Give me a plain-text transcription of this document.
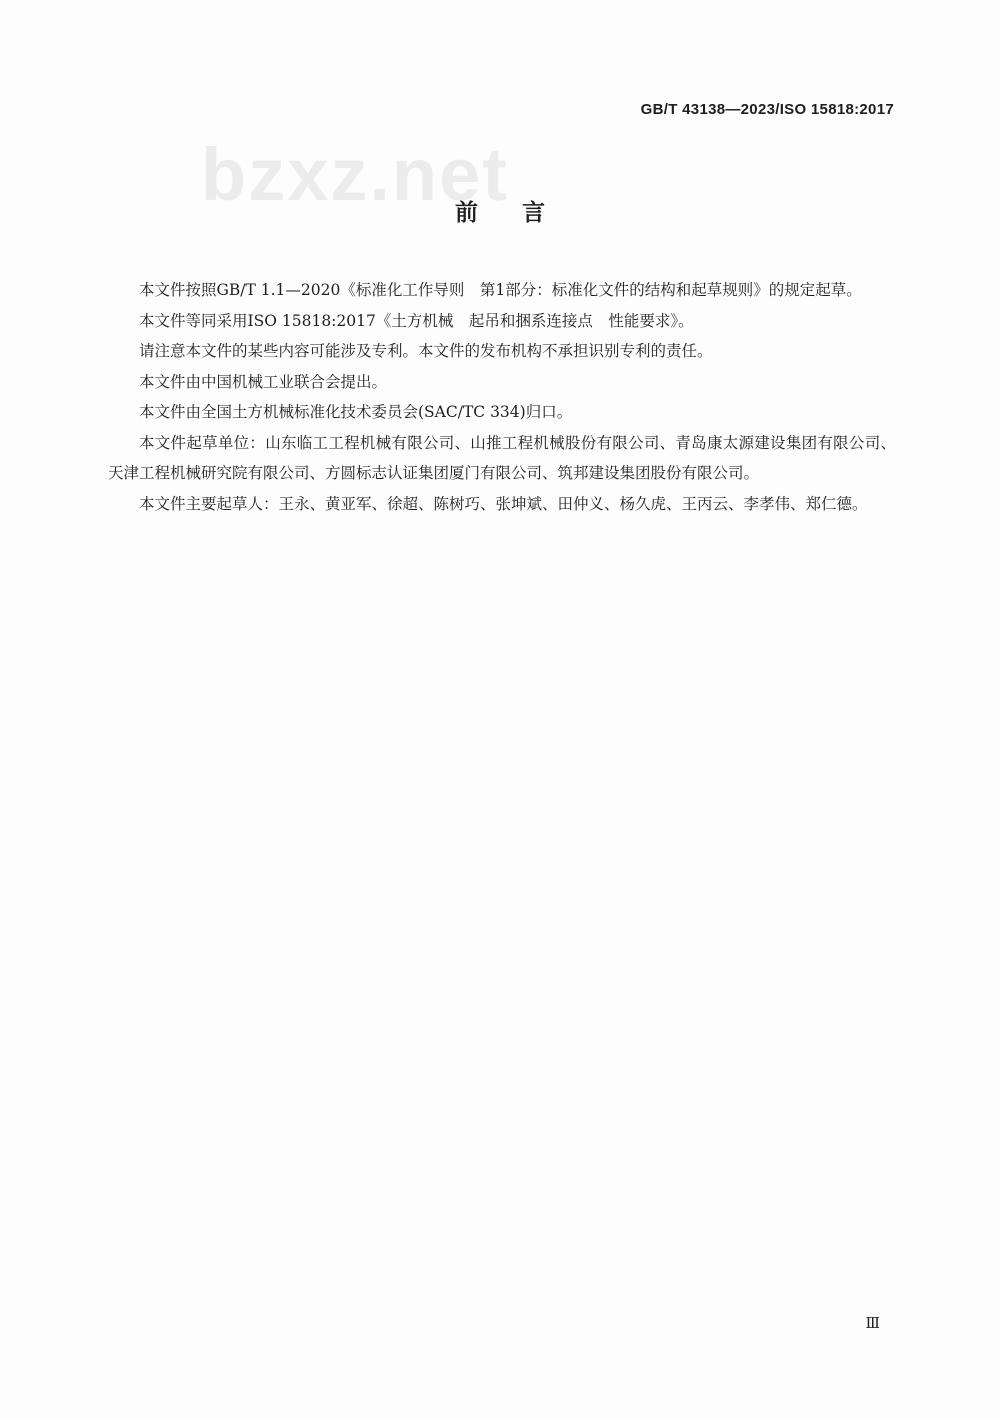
GB/T 43138—2023/ISO 15818:2017
bzxz.net
前言

本文件按照GB/T 1.1—2020《标准化工作导则　第1部分：标准化文件的结构和起草规则》的规定起草。

本文件等同采用ISO 15818:2017《土方机械　起吊和捆系连接点　性能要求》。

请注意本文件的某些内容可能涉及专利。本文件的发布机构不承担识别专利的责任。

本文件由中国机械工业联合会提出。

本文件由全国土方机械标准化技术委员会(SAC/TC 334)归口。

本文件起草单位：山东临工工程机械有限公司、山推工程机械股份有限公司、青岛康太源建设集团有限公司、天津工程机械研究院有限公司、方圆标志认证集团厦门有限公司、筑邦建设集团股份有限公司。

本文件主要起草人：王永、黄亚军、徐超、陈树巧、张坤斌、田仲义、杨久虎、王丙云、李孝伟、郑仁德。

Ⅲ
